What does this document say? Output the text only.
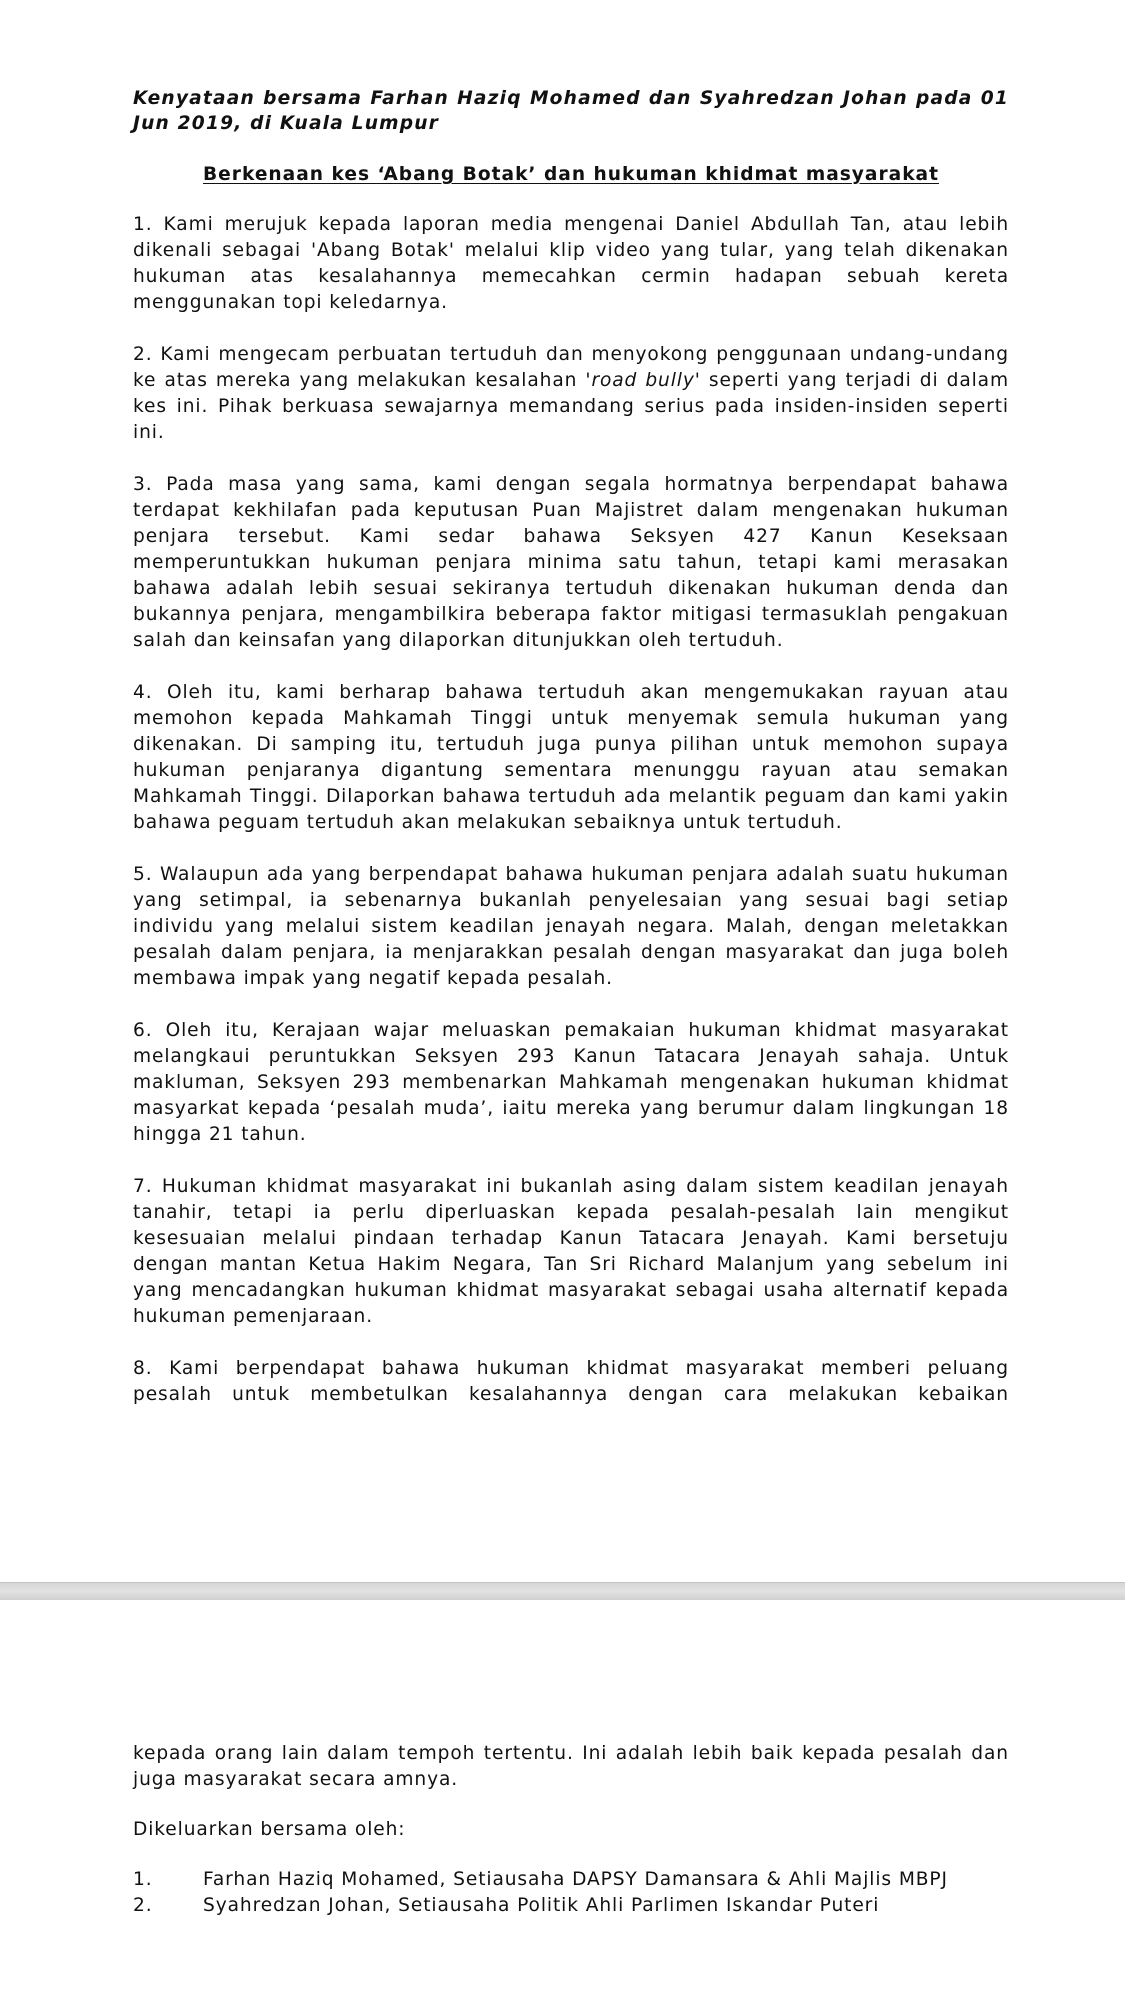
Kenyataan bersama Farhan Haziq Mohamed dan Syahredzan Johan pada 01 Jun 2019, di Kuala Lumpur

Berkenaan kes ‘Abang Botak’ dan hukuman khidmat masyarakat

1. Kami merujuk kepada laporan media mengenai Daniel Abdullah Tan, atau lebih dikenali sebagai 'Abang Botak' melalui klip video yang tular, yang telah dikenakan hukuman atas kesalahannya memecahkan cermin hadapan sebuah kereta menggunakan topi keledarnya.

2. Kami mengecam perbuatan tertuduh dan menyokong penggunaan undang-undang ke atas mereka yang melakukan kesalahan 'road bully' seperti yang terjadi di dalam kes ini. Pihak berkuasa sewajarnya memandang serius pada insiden-insiden seperti ini.

3. Pada masa yang sama, kami dengan segala hormatnya berpendapat bahawa terdapat kekhilafan pada keputusan Puan Majistret dalam mengenakan hukuman penjara tersebut. Kami sedar bahawa Seksyen 427 Kanun Keseksaan memperuntukkan hukuman penjara minima satu tahun, tetapi kami merasakan bahawa adalah lebih sesuai sekiranya tertuduh dikenakan hukuman denda dan bukannya penjara, mengambilkira beberapa faktor mitigasi termasuklah pengakuan salah dan keinsafan yang dilaporkan ditunjukkan oleh tertuduh.

4. Oleh itu, kami berharap bahawa tertuduh akan mengemukakan rayuan atau memohon kepada Mahkamah Tinggi untuk menyemak semula hukuman yang dikenakan. Di samping itu, tertuduh juga punya pilihan untuk memohon supaya hukuman penjaranya digantung sementara menunggu rayuan atau semakan Mahkamah Tinggi. Dilaporkan bahawa tertuduh ada melantik peguam dan kami yakin bahawa peguam tertuduh akan melakukan sebaiknya untuk tertuduh.

5. Walaupun ada yang berpendapat bahawa hukuman penjara adalah suatu hukuman yang setimpal, ia sebenarnya bukanlah penyelesaian yang sesuai bagi setiap individu yang melalui sistem keadilan jenayah negara. Malah, dengan meletakkan pesalah dalam penjara, ia menjarakkan pesalah dengan masyarakat dan juga boleh membawa impak yang negatif kepada pesalah.

6. Oleh itu, Kerajaan wajar meluaskan pemakaian hukuman khidmat masyarakat melangkaui peruntukkan Seksyen 293 Kanun Tatacara Jenayah sahaja. Untuk makluman, Seksyen 293 membenarkan Mahkamah mengenakan hukuman khidmat masyarkat kepada ‘pesalah muda’, iaitu mereka yang berumur dalam lingkungan 18 hingga 21 tahun.

7. Hukuman khidmat masyarakat ini bukanlah asing dalam sistem keadilan jenayah tanahir, tetapi ia perlu diperluaskan kepada pesalah-pesalah lain mengikut kesesuaian melalui pindaan terhadap Kanun Tatacara Jenayah. Kami bersetuju dengan mantan Ketua Hakim Negara, Tan Sri Richard Malanjum yang sebelum ini yang mencadangkan hukuman khidmat masyarakat sebagai usaha alternatif kepada hukuman pemenjaraan.

8. Kami berpendapat bahawa hukuman khidmat masyarakat memberi peluang pesalah untuk membetulkan kesalahannya dengan cara melakukan kebaikan

kepada orang lain dalam tempoh tertentu. Ini adalah lebih baik kepada pesalah dan juga masyarakat secara amnya.

Dikeluarkan bersama oleh:

1.	Farhan Haziq Mohamed, Setiausaha DAPSY Damansara & Ahli Majlis MBPJ
2.	Syahredzan Johan, Setiausaha Politik Ahli Parlimen Iskandar Puteri
